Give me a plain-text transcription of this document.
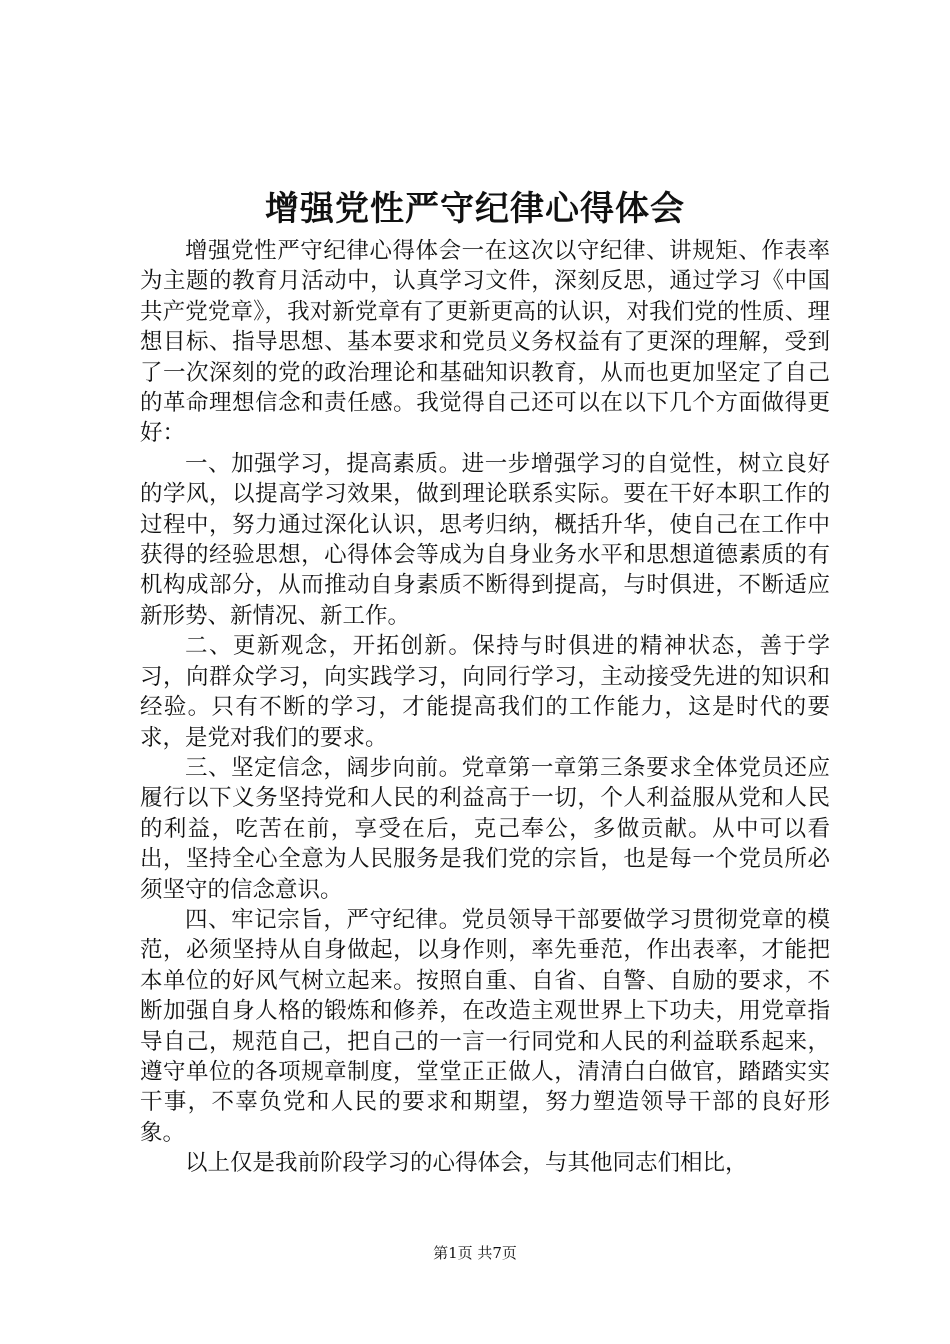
增强党性严守纪律心得体会

增强党性严守纪律心得体会一在这次以守纪律、讲规矩、作表率为主题的教育月活动中，认真学习文件，深刻反思，通过学习《中国共产党党章》，我对新党章有了更新更高的认识，对我们党的性质、理想目标、指导思想、基本要求和党员义务权益有了更深的理解，受到了一次深刻的党的政治理论和基础知识教育，从而也更加坚定了自己的革命理想信念和责任感。我觉得自己还可以在以下几个方面做得更好：

一、加强学习，提高素质。进一步增强学习的自觉性，树立良好的学风，以提高学习效果，做到理论联系实际。要在干好本职工作的过程中，努力通过深化认识，思考归纳，概括升华，使自己在工作中获得的经验思想，心得体会等成为自身业务水平和思想道德素质的有机构成部分，从而推动自身素质不断得到提高，与时俱进，不断适应新形势、新情况、新工作。

二、更新观念，开拓创新。保持与时俱进的精神状态，善于学习，向群众学习，向实践学习，向同行学习，主动接受先进的知识和经验。只有不断的学习，才能提高我们的工作能力，这是时代的要求，是党对我们的要求。

三、坚定信念，阔步向前。党章第一章第三条要求全体党员还应履行以下义务坚持党和人民的利益高于一切，个人利益服从党和人民的利益，吃苦在前，享受在后，克己奉公，多做贡献。从中可以看出，坚持全心全意为人民服务是我们党的宗旨，也是每一个党员所必须坚守的信念意识。

四、牢记宗旨，严守纪律。党员领导干部要做学习贯彻党章的模范，必须坚持从自身做起，以身作则，率先垂范，作出表率，才能把本单位的好风气树立起来。按照自重、自省、自警、自励的要求，不断加强自身人格的锻炼和修养，在改造主观世界上下功夫，用党章指导自己，规范自己，把自己的一言一行同党和人民的利益联系起来，遵守单位的各项规章制度，堂堂正正做人，清清白白做官，踏踏实实干事，不辜负党和人民的要求和期望，努力塑造领导干部的良好形象。

以上仅是我前阶段学习的心得体会，与其他同志们相比，

第1页 共7页
